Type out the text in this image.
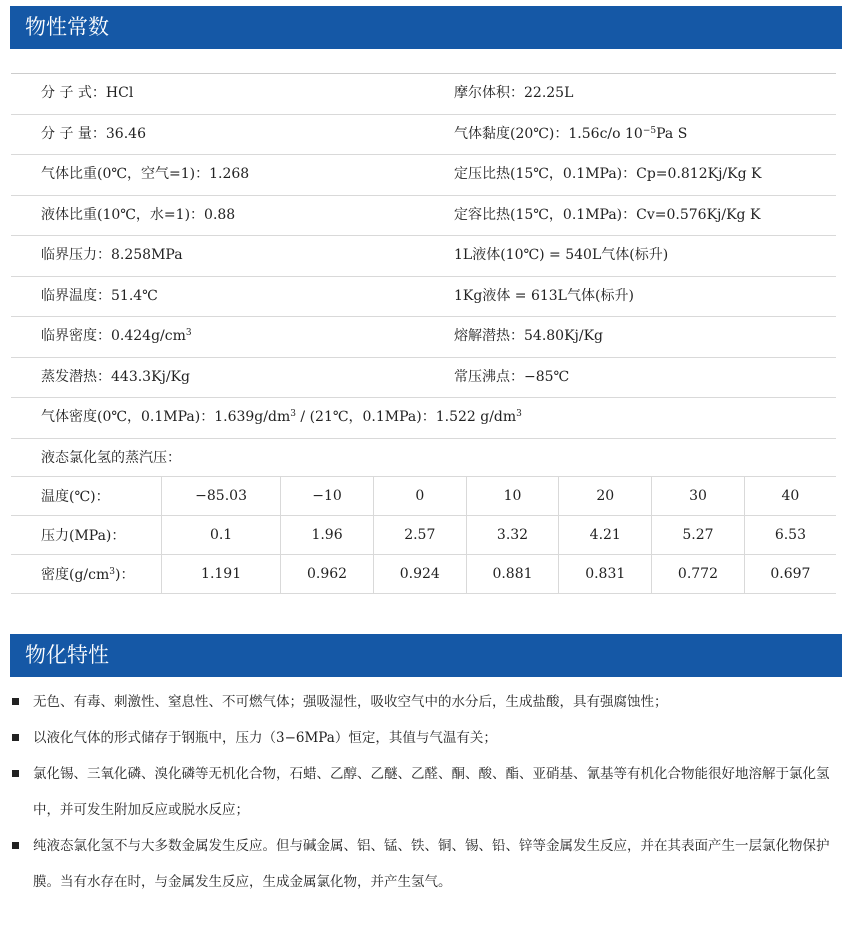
物性常数
分 子 式：HCl	摩尔体积：22.25L
分 子 量：36.46	气体黏度(20℃)：1.56c/o $10^{-5}Pa$ S
气体比重(0℃，空气=1)：1.268	定压比热(15℃，0.1MPa)：Cp=0.812Kj/Kg K
液体比重(10℃，水=1)：0.88	定容比热(15℃，0.1MPa)：Cv=0.576Kj/Kg K
临界压力：8.258MPa	1L液体(10℃) = 540L气体(标升)
临界温度：51.4℃	1Kg液体 = 613L气体(标升)
临界密度：$0.424g/cm^3$	熔解潜热：54.80Kj/Kg
蒸发潜热：443.3Kj/Kg	常压沸点：−85℃
气体密度(0℃，0.1MPa)：$1.639g/dm^3$ / (21℃，0.1MPa)：1.522 $g/dm^3$
液态氯化氢的蒸汽压：
温度(℃)：	−85.03	−10	0	10	20	30	40
压力(MPa)：	0.1	1.96	2.57	3.32	4.21	5.27	6.53
密度$(g/cm^3)$：	1.191	0.962	0.924	0.881	0.831	0.772	0.697
物化特性
无色、有毒、刺激性、窒息性、不可燃气体；强吸湿性，吸收空气中的水分后，生成盐酸，具有强腐蚀性；
以液化气体的形式储存于钢瓶中，压力（3−6MPa）恒定，其值与气温有关；
氯化锡、三氧化磷、溴化磷等无机化合物，石蜡、乙醇、乙醚、乙醛、酮、酸、酯、亚硝基、氰基等有机化合物能很好地溶解于氯化氢中，并可发生附加反应或脱水反应；
纯液态氯化氢不与大多数金属发生反应。但与碱金属、铝、锰、铁、铜、锡、铅、锌等金属发生反应，并在其表面产生一层氯化物保护膜。当有水存在时，与金属发生反应，生成金属氯化物，并产生氢气。
